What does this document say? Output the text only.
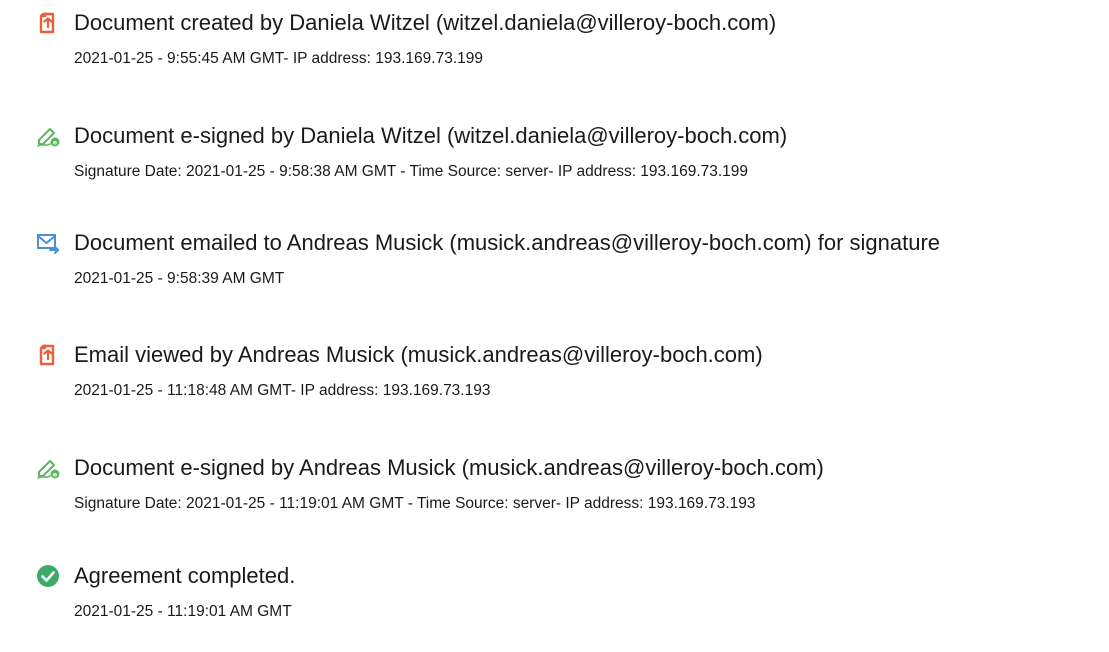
Document created by Daniela Witzel (witzel.daniela@villeroy-boch.com)
2021-01-25 - 9:55:45 AM GMT- IP address: 193.169.73.199
e Document e-signed by Daniela Witzel (witzel.daniela@villeroy-boch.com)
Signature Date: 2021-01-25 - 9:58:38 AM GMT - Time Source: server- IP address: 193.169.73.199
Document emailed to Andreas Musick (musick.andreas@villeroy-boch.com) for signature
2021-01-25 - 9:58:39 AM GMT
Email viewed by Andreas Musick (musick.andreas@villeroy-boch.com)
2021-01-25 - 11:18:48 AM GMT- IP address: 193.169.73.193
e Document e-signed by Andreas Musick (musick.andreas@villeroy-boch.com)
Signature Date: 2021-01-25 - 11:19:01 AM GMT - Time Source: server- IP address: 193.169.73.193
Agreement completed.
2021-01-25 - 11:19:01 AM GMT
